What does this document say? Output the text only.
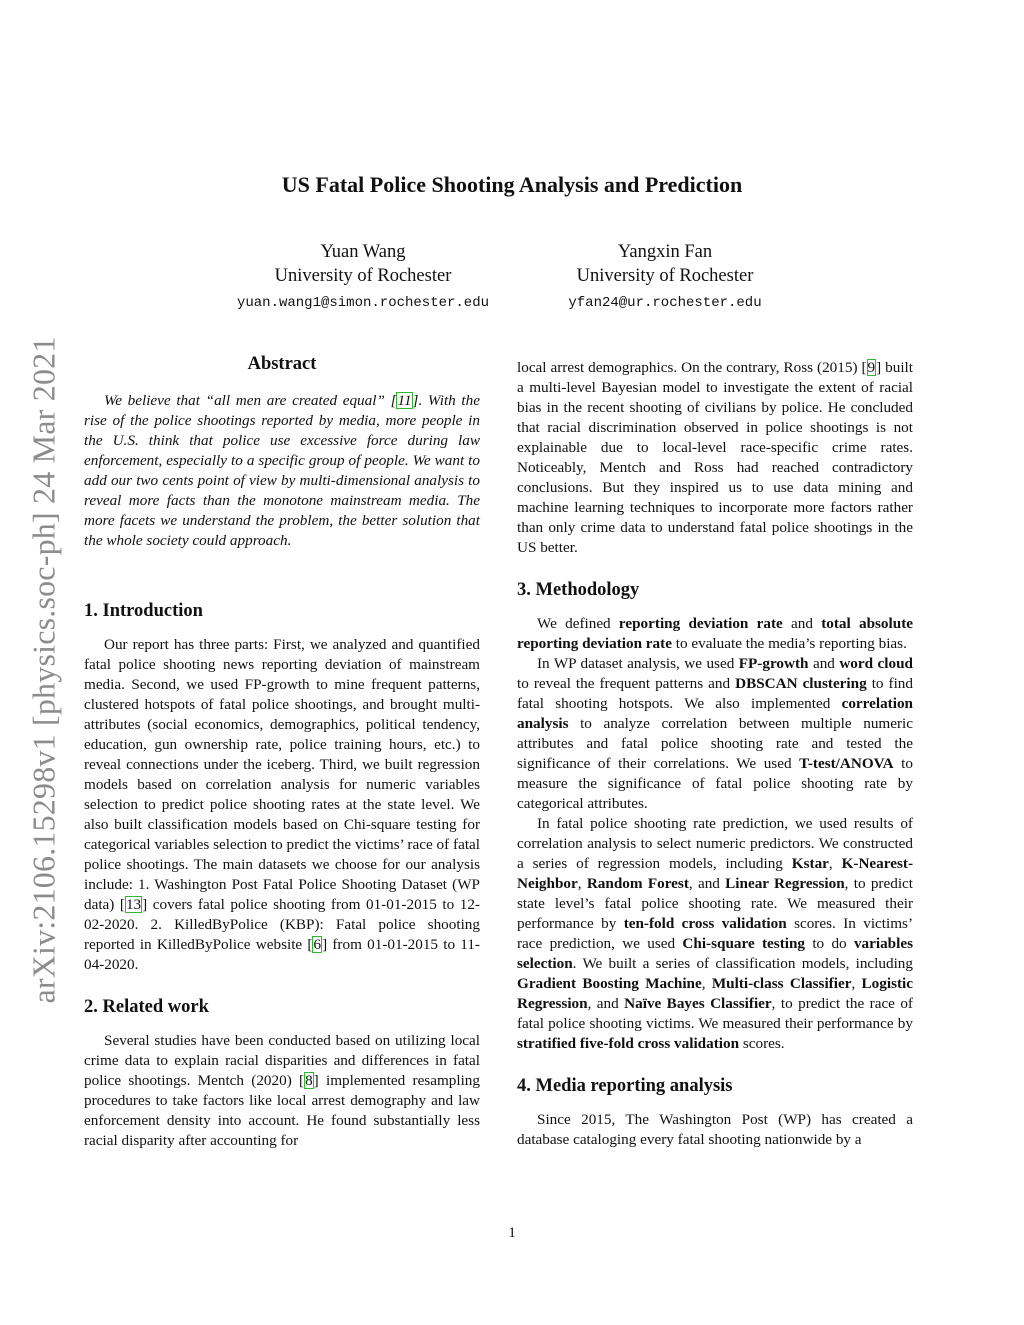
arXiv:2106.15298v1 [physics.soc-ph] 24 Mar 2021
US Fatal Police Shooting Analysis and Prediction
Yuan Wang
University of Rochester
yuan.wang1@simon.rochester.edu
Yangxin Fan
University of Rochester
yfan24@ur.rochester.edu
Abstract

We believe that “all men are created equal” [11]. With the rise of the police shootings reported by media, more people in the U.S. think that police use excessive force during law enforcement, especially to a specific group of people. We want to add our two cents point of view by multi-dimensional analysis to reveal more facts than the monotone mainstream media. The more facets we understand the problem, the better solution that the whole society could approach.

1. Introduction

Our report has three parts: First, we analyzed and quantified fatal police shooting news reporting deviation of mainstream media. Second, we used FP-growth to mine frequent patterns, clustered hotspots of fatal police shootings, and brought multi-attributes (social economics, demographics, political tendency, education, gun ownership rate, police training hours, etc.) to reveal connections under the iceberg. Third, we built regression models based on correlation analysis for numeric variables selection to predict police shooting rates at the state level. We also built classification models based on Chi-square testing for categorical variables selection to predict the victims’ race of fatal police shootings. The main datasets we choose for our analysis include: 1. Washington Post Fatal Police Shooting Dataset (WP data) [13] covers fatal police shooting from 01-01-2015 to 12-02-2020. 2. KilledByPolice (KBP): Fatal police shooting reported in KilledByPolice website [6] from 01-01-2015 to 11-04-2020.

2. Related work

Several studies have been conducted based on utilizing local crime data to explain racial disparities and differences in fatal police shootings. Mentch (2020) [8] implemented resampling procedures to take factors like local arrest demography and law enforcement density into account. He found substantially less racial disparity after accounting for

local arrest demographics. On the contrary, Ross (2015) [9] built a multi-level Bayesian model to investigate the extent of racial bias in the recent shooting of civilians by police. He concluded that racial discrimination observed in police shootings is not explainable due to local-level race-specific crime rates. Noticeably, Mentch and Ross had reached contradictory conclusions. But they inspired us to use data mining and machine learning techniques to incorporate more factors rather than only crime data to understand fatal police shootings in the US better.

3. Methodology

We defined reporting deviation rate and total absolute reporting deviation rate to evaluate the media’s reporting bias.

In WP dataset analysis, we used FP-growth and word cloud to reveal the frequent patterns and DBSCAN clustering to find fatal shooting hotspots. We also implemented correlation analysis to analyze correlation between multiple numeric attributes and fatal police shooting rate and tested the significance of their correlations. We used T-test/ANOVA to measure the significance of fatal police shooting rate by categorical attributes.

In fatal police shooting rate prediction, we used results of correlation analysis to select numeric predictors. We constructed a series of regression models, including Kstar, K-Nearest-Neighbor, Random Forest, and Linear Regression, to predict state level’s fatal police shooting rate. We measured their performance by ten-fold cross validation scores. In victims’ race prediction, we used Chi-square testing to do variables selection. We built a series of classification models, including Gradient Boosting Machine, Multi-class Classifier, Logistic Regression, and Naïve Bayes Classifier, to predict the race of fatal police shooting victims. We measured their performance by stratified five-fold cross validation scores.

4. Media reporting analysis

Since 2015, The Washington Post (WP) has created a database cataloging every fatal shooting nationwide by a

1
